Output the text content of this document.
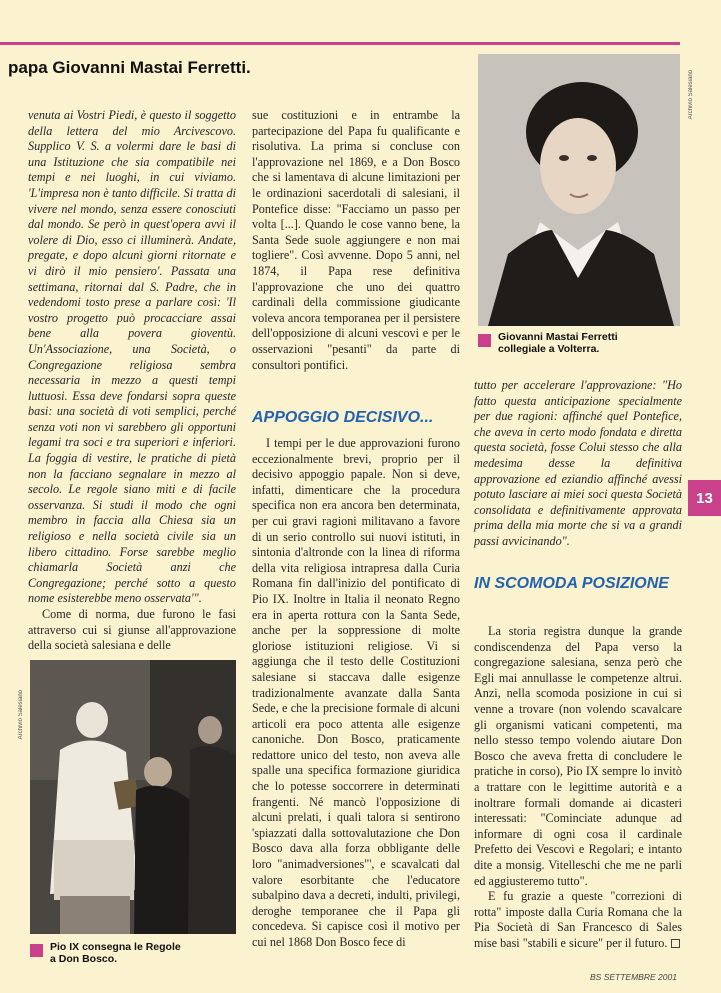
papa Giovanni Mastai Ferretti.

venuta ai Vostri Piedi, è questo il soggetto della lettera del mio Arcivescovo. Supplico V. S. a volermi dare le basi di una Istituzione che sia compatibile nei tempi e nei luoghi, in cui viviamo. 'L'impresa non è tanto difficile. Si tratta di vivere nel mondo, senza essere conosciuti dal mondo. Se però in quest'opera avvi il volere di Dio, esso ci illuminerà. Andate, pregate, e dopo alcuni giorni ritornate e vi dirò il mio pensiero'. Passata una settimana, ritornai dal S. Padre, che in vedendomi tosto prese a parlare così: 'Il vostro progetto può procacciare assai bene alla povera gioventù. Un'Associazione, una Società, o Congregazione religiosa sembra necessaria in mezzo a questi tempi luttuosi. Essa deve fondarsi sopra queste basi: una società di voti semplici, perché senza voti non vi sarebbero gli opportuni legami tra soci e tra superiori e inferiori. La foggia di vestire, le pratiche di pietà non la facciano segnalare in mezzo al secolo. Le regole siano miti e di facile osservanza. Si studi il modo che ogni membro in faccia alla Chiesa sia un religioso e nella società civile sia un libero cittadino. Forse sarebbe meglio chiamarla Società anzi che Congregazione; perché sotto a questo nome esisterebbe meno osservata'".

Come di norma, due furono le fasi attraverso cui si giunse all'approvazione della società salesiana e delle

Archivio Salesiano
Pio IX consegna le Regole
a Don Bosco.

sue costituzioni e in entrambe la partecipazione del Papa fu qualificante e risolutiva. La prima si concluse con l'approvazione nel 1869, e a Don Bosco che si lamentava di alcune limitazioni per le ordinazioni sacerdotali di salesiani, il Pontefice disse: "Facciamo un passo per volta [...]. Quando le cose vanno bene, la Santa Sede suole aggiungere e non mai togliere". Così avvenne. Dopo 5 anni, nel 1874, il Papa rese definitiva l'approvazione che uno dei quattro cardinali della commissione giudicante voleva ancora temporanea per il persistere dell'opposizione di alcuni vescovi e per le osservazioni "pesanti" da parte di consultori pontifici.

APPOGGIO DECISIVO...

I tempi per le due approvazioni furono eccezionalmente brevi, proprio per il decisivo appoggio papale. Non si deve, infatti, dimenticare che la procedura specifica non era ancora ben determinata, per cui gravi ragioni militavano a favore di un serio controllo sui nuovi istituti, in sintonia d'altronde con la linea di riforma della vita religiosa intrapresa dalla Curia Romana fin dall'inizio del pontificato di Pio IX. Inoltre in Italia il neonato Regno era in aperta rottura con la Santa Sede, anche per la soppressione di molte gloriose istituzioni religiose. Vi si aggiunga che il testo delle Costituzioni salesiane si staccava dalle esigenze tradizionalmente avanzate dalla Santa Sede, e che la precisione formale di alcuni articoli era poco attenta alle esigenze canoniche. Don Bosco, praticamente redattore unico del testo, non aveva alle spalle una specifica formazione giuridica che lo potesse soccorrere in determinati frangenti. Né mancò l'opposizione di alcuni prelati, i quali talora si sentirono 'spiazzati dalla sottovalutazione che Don Bosco dava alla forza obbligante delle loro "animadversiones"', e scavalcati dal valore esorbitante che l'educatore subalpino dava a decreti, indulti, privilegi, deroghe temporanee che il Papa gli concedeva. Si capisce così il motivo per cui nel 1868 Don Bosco fece di

Archivio Salesiano
Giovanni Mastai Ferretti
collegiale a Volterra.

tutto per accelerare l'approvazione: "Ho fatto questa anticipazione specialmente per due ragioni: affinché quel Pontefice, che aveva in certo modo fondata e diretta questa società, fosse Colui stesso che alla medesima desse la definitiva approvazione ed eziandio affinché avessi potuto lasciare ai miei soci questa Società consolidata e definitivamente approvata prima della mia morte che si va a grandi passi avvicinando".

IN SCOMODA POSIZIONE

La storia registra dunque la grande condiscendenza del Papa verso la congregazione salesiana, senza però che Egli mai annullasse le competenze altrui. Anzi, nella scomoda posizione in cui si venne a trovare (non volendo scavalcare gli organismi vaticani competenti, ma nello stesso tempo volendo aiutare Don Bosco che aveva fretta di concludere le pratiche in corso), Pio IX sempre lo invitò a trattare con le legittime autorità e a inoltrare formali domande ai dicasteri interessati: "Cominciate adunque ad informare di ogni cosa il cardinale Prefetto dei Vescovi e Regolari; e intanto dite a monsig. Vitelleschi che me ne parli ed aggiusteremo tutto".

E fu grazie a queste "correzioni di rotta" imposte dalla Curia Romana che la Pia Società di San Francesco di Sales mise basi "stabili e sicure" per il futuro.

13
BS SETTEMBRE 2001
